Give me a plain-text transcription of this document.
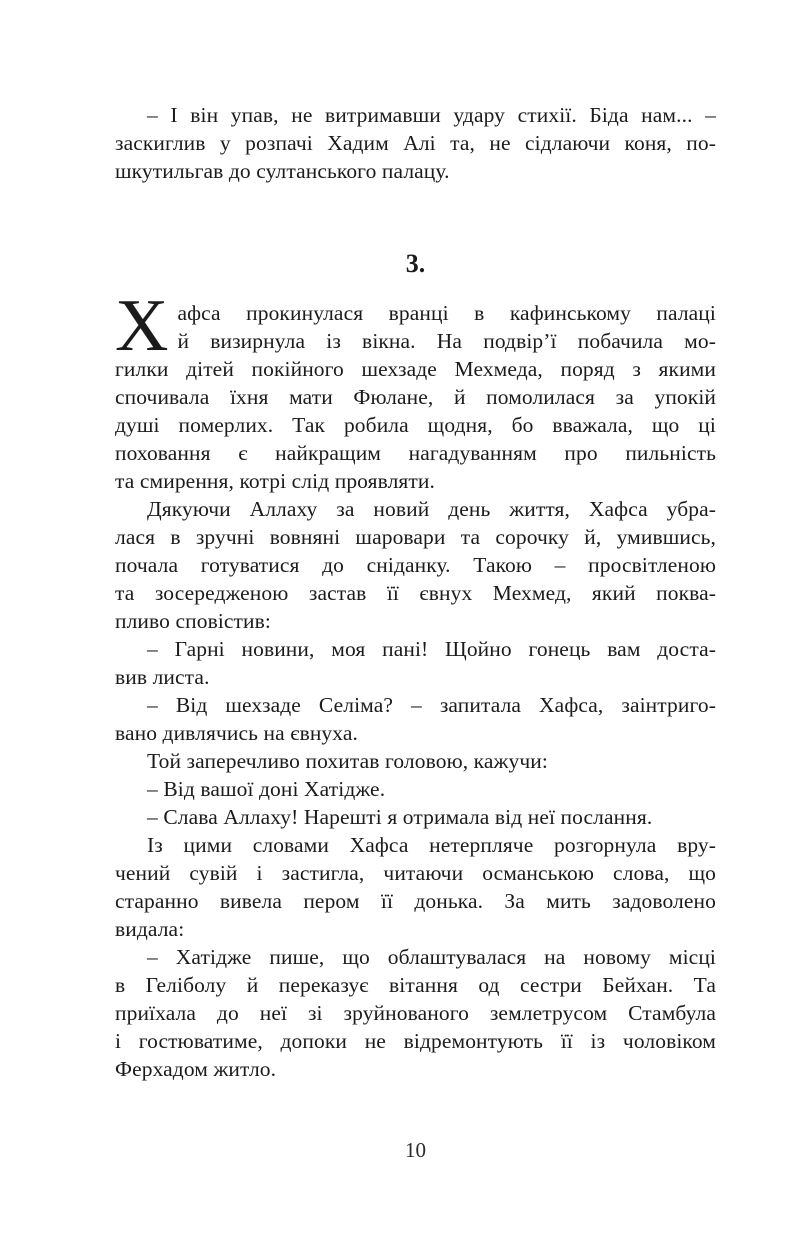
– І він упав, не витримавши удару стихії. Біда нам... –
заскиглив у розпачі Хадим Алі та, не сідлаючи коня, по-
шкутильгав до султанського палацу.
3.
Х афса прокинулася вранці в кафинському палаці
й визирнула із вікна. На подвір’ї побачила мо-
гилки дітей покійного шехзаде Мехмеда, поряд з якими
спочивала їхня мати Фюлане, й помолилася за упокій
душі померлих. Так робила щодня, бо вважала, що ці
поховання є найкращим нагадуванням про пильність
та смирення, котрі слід проявляти.
Дякуючи Аллаху за новий день життя, Хафса убра-
лася в зручні вовняні шаровари та сорочку й, умившись,
почала готуватися до сніданку. Такою – просвітленою
та зосередженою застав її євнух Мехмед, який поква-
пливо сповістив:
– Гарні новини, моя пані! Щойно гонець вам доста-
вив листа.
– Від шехзаде Селіма? – запитала Хафса, заінтриго-
вано дивлячись на євнуха.
Той заперечливо похитав головою, кажучи:
– Від вашої доні Хатідже.
– Слава Аллаху! Нарешті я отримала від неї послання.
Із цими словами Хафса нетерпляче розгорнула вру-
чений сувій і застигла, читаючи османською слова, що
старанно вивела пером її донька. За мить задоволено
видала:
– Хатідже пише, що облаштувалася на новому місці
в Геліболу й переказує вітання од сестри Бейхан. Та
приїхала до неї зі зруйнованого землетрусом Стамбула
і гостюватиме, допоки не відремонтують її із чоловіком
Ферхадом житло.
10
